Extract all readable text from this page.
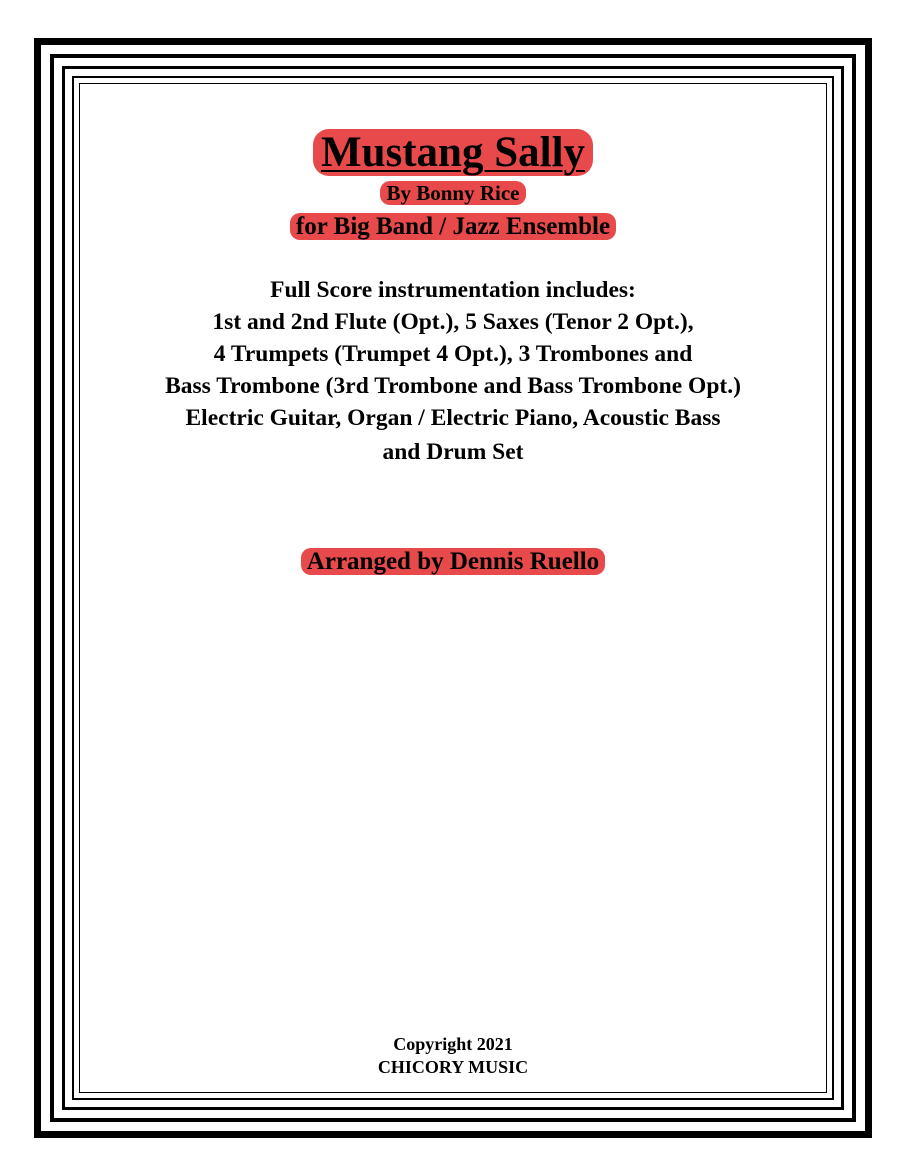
Mustang Sally
By Bonny Rice
for Big Band / Jazz Ensemble
Full Score instrumentation includes:
1st and 2nd Flute (Opt.), 5 Saxes (Tenor 2 Opt.),
4 Trumpets (Trumpet 4 Opt.), 3 Trombones and
Bass Trombone (3rd Trombone and Bass Trombone Opt.)
Electric Guitar, Organ / Electric Piano, Acoustic Bass
and Drum Set
Arranged by Dennis Ruello
Copyright 2021
CHICORY MUSIC
